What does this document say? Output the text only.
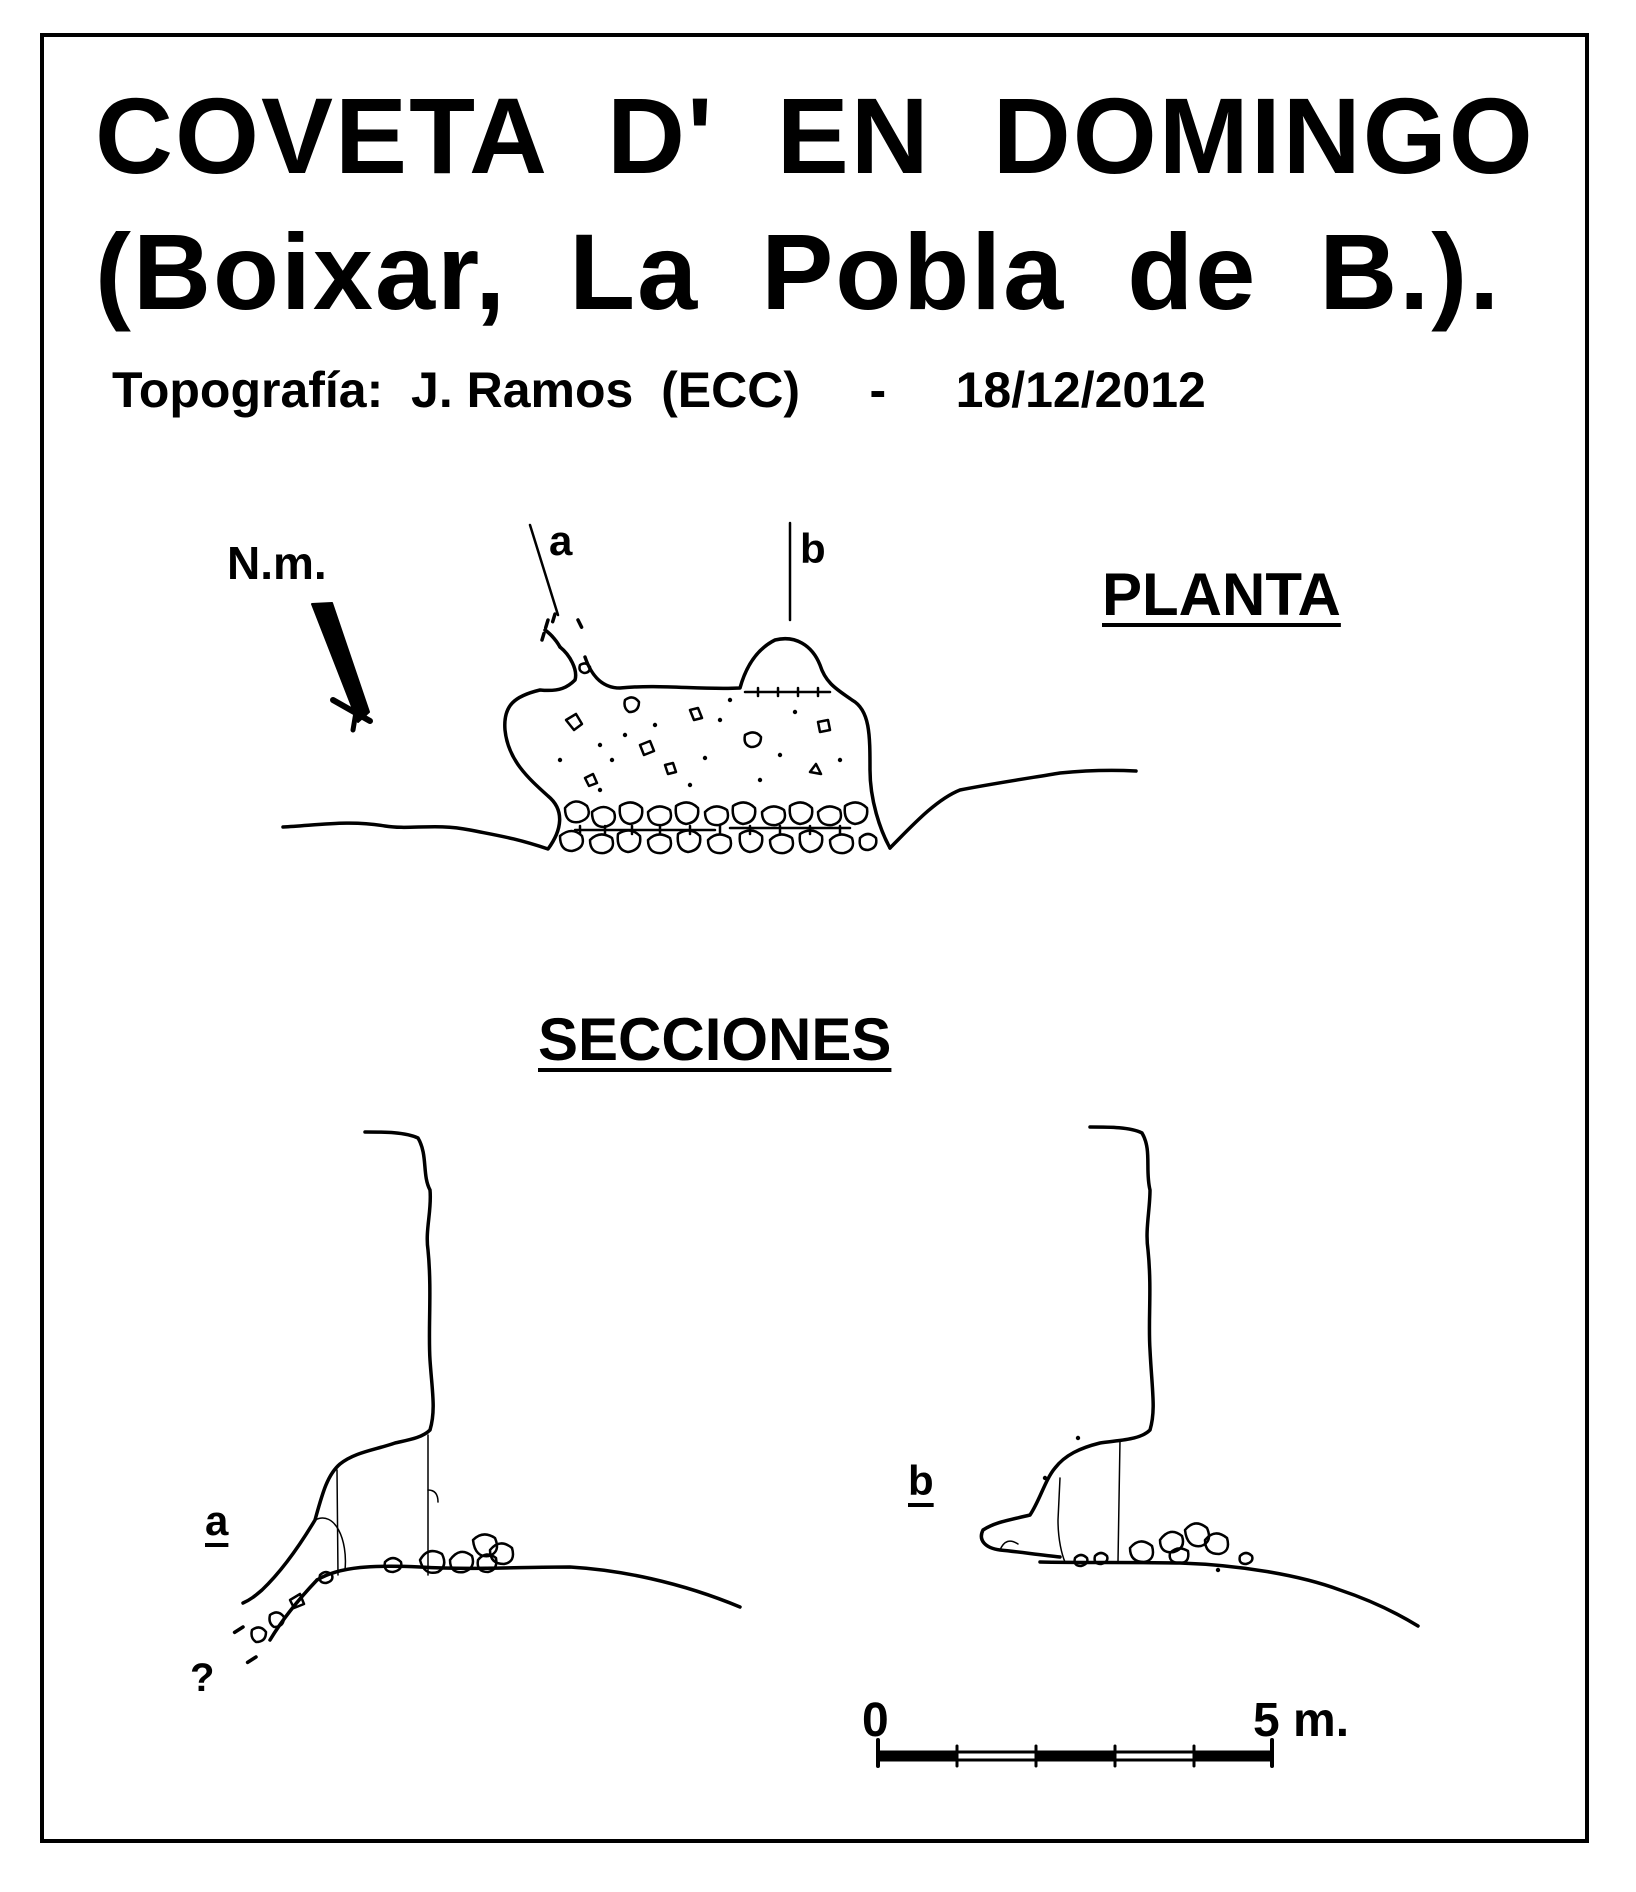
COVETA D' EN DOMINGO
(Boixar, La Pobla de B.).
Topografía:  J. Ramos  (ECC)     -     18/12/2012
N.m.	a	b
PLANTA
SECCIONES
a
b
?
0	5 m.
